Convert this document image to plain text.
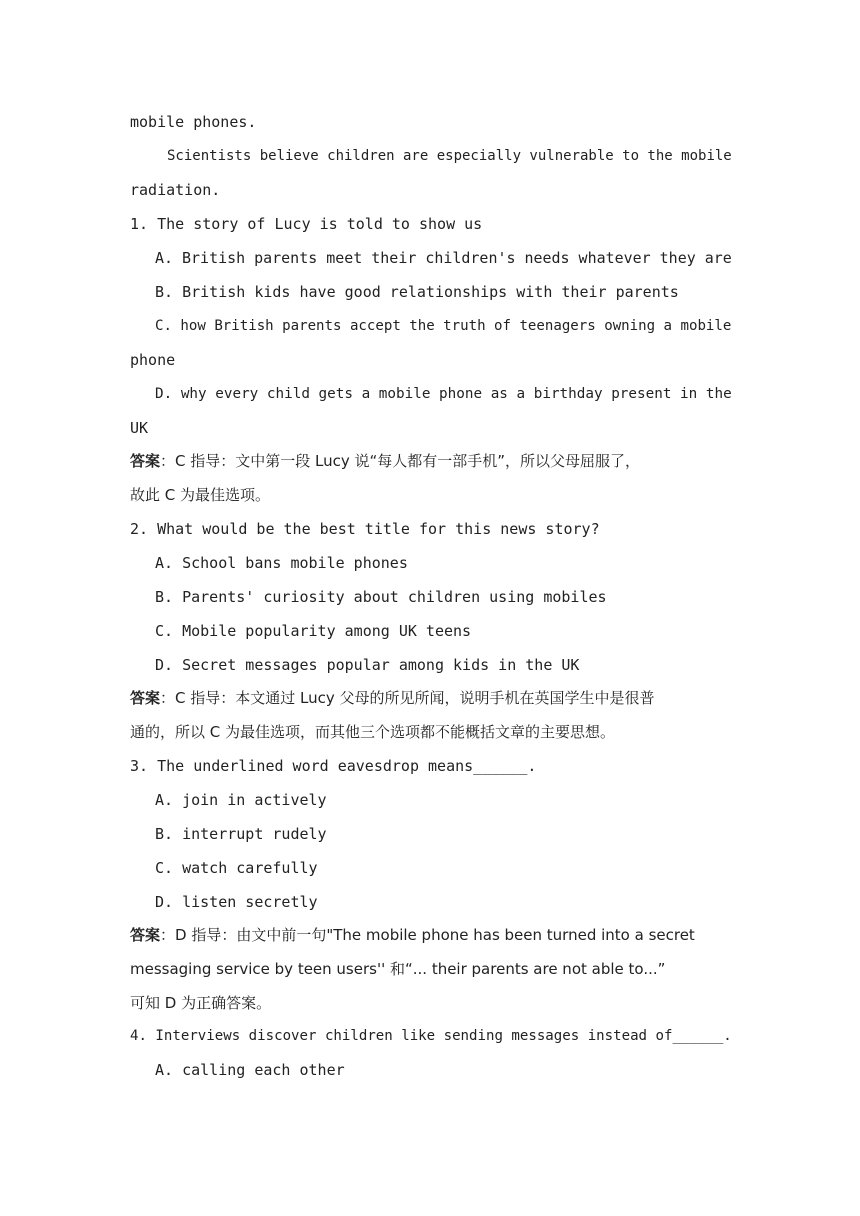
mobile phones.
Scientists believe children are especially vulnerable to the mobile
radiation.
1. The story of Lucy is told to show us
A. British parents meet their children's needs whatever they are
B. British kids have good relationships with their parents
C. how British parents accept the truth of teenagers owning a mobile
phone
D. why every child gets a mobile phone as a birthday present in the
UK
答案：C 指导：文中第一段 Lucy 说“每人都有一部手机”，所以父母屈服了，
故此 C 为最佳选项。
2. What would be the best title for this news story?
A. School bans mobile phones
B. Parents' curiosity about children using mobiles
C. Mobile popularity among UK teens
D. Secret messages popular among kids in the UK
答案：C 指导：本文通过 Lucy 父母的所见所闻，说明手机在英国学生中是很普
通的，所以 C 为最佳选项，而其他三个选项都不能概括文章的主要思想。
3. The underlined word eavesdrop means______.
A. join in actively
B. interrupt rudely
C. watch carefully
D. listen secretly
答案：D 指导：由文中前一句"The mobile phone has been turned into a secret
messaging service by teen users'' 和“... their parents are not able to...”
可知 D 为正确答案。
4. Interviews discover children like sending messages instead of______.
A. calling each other
